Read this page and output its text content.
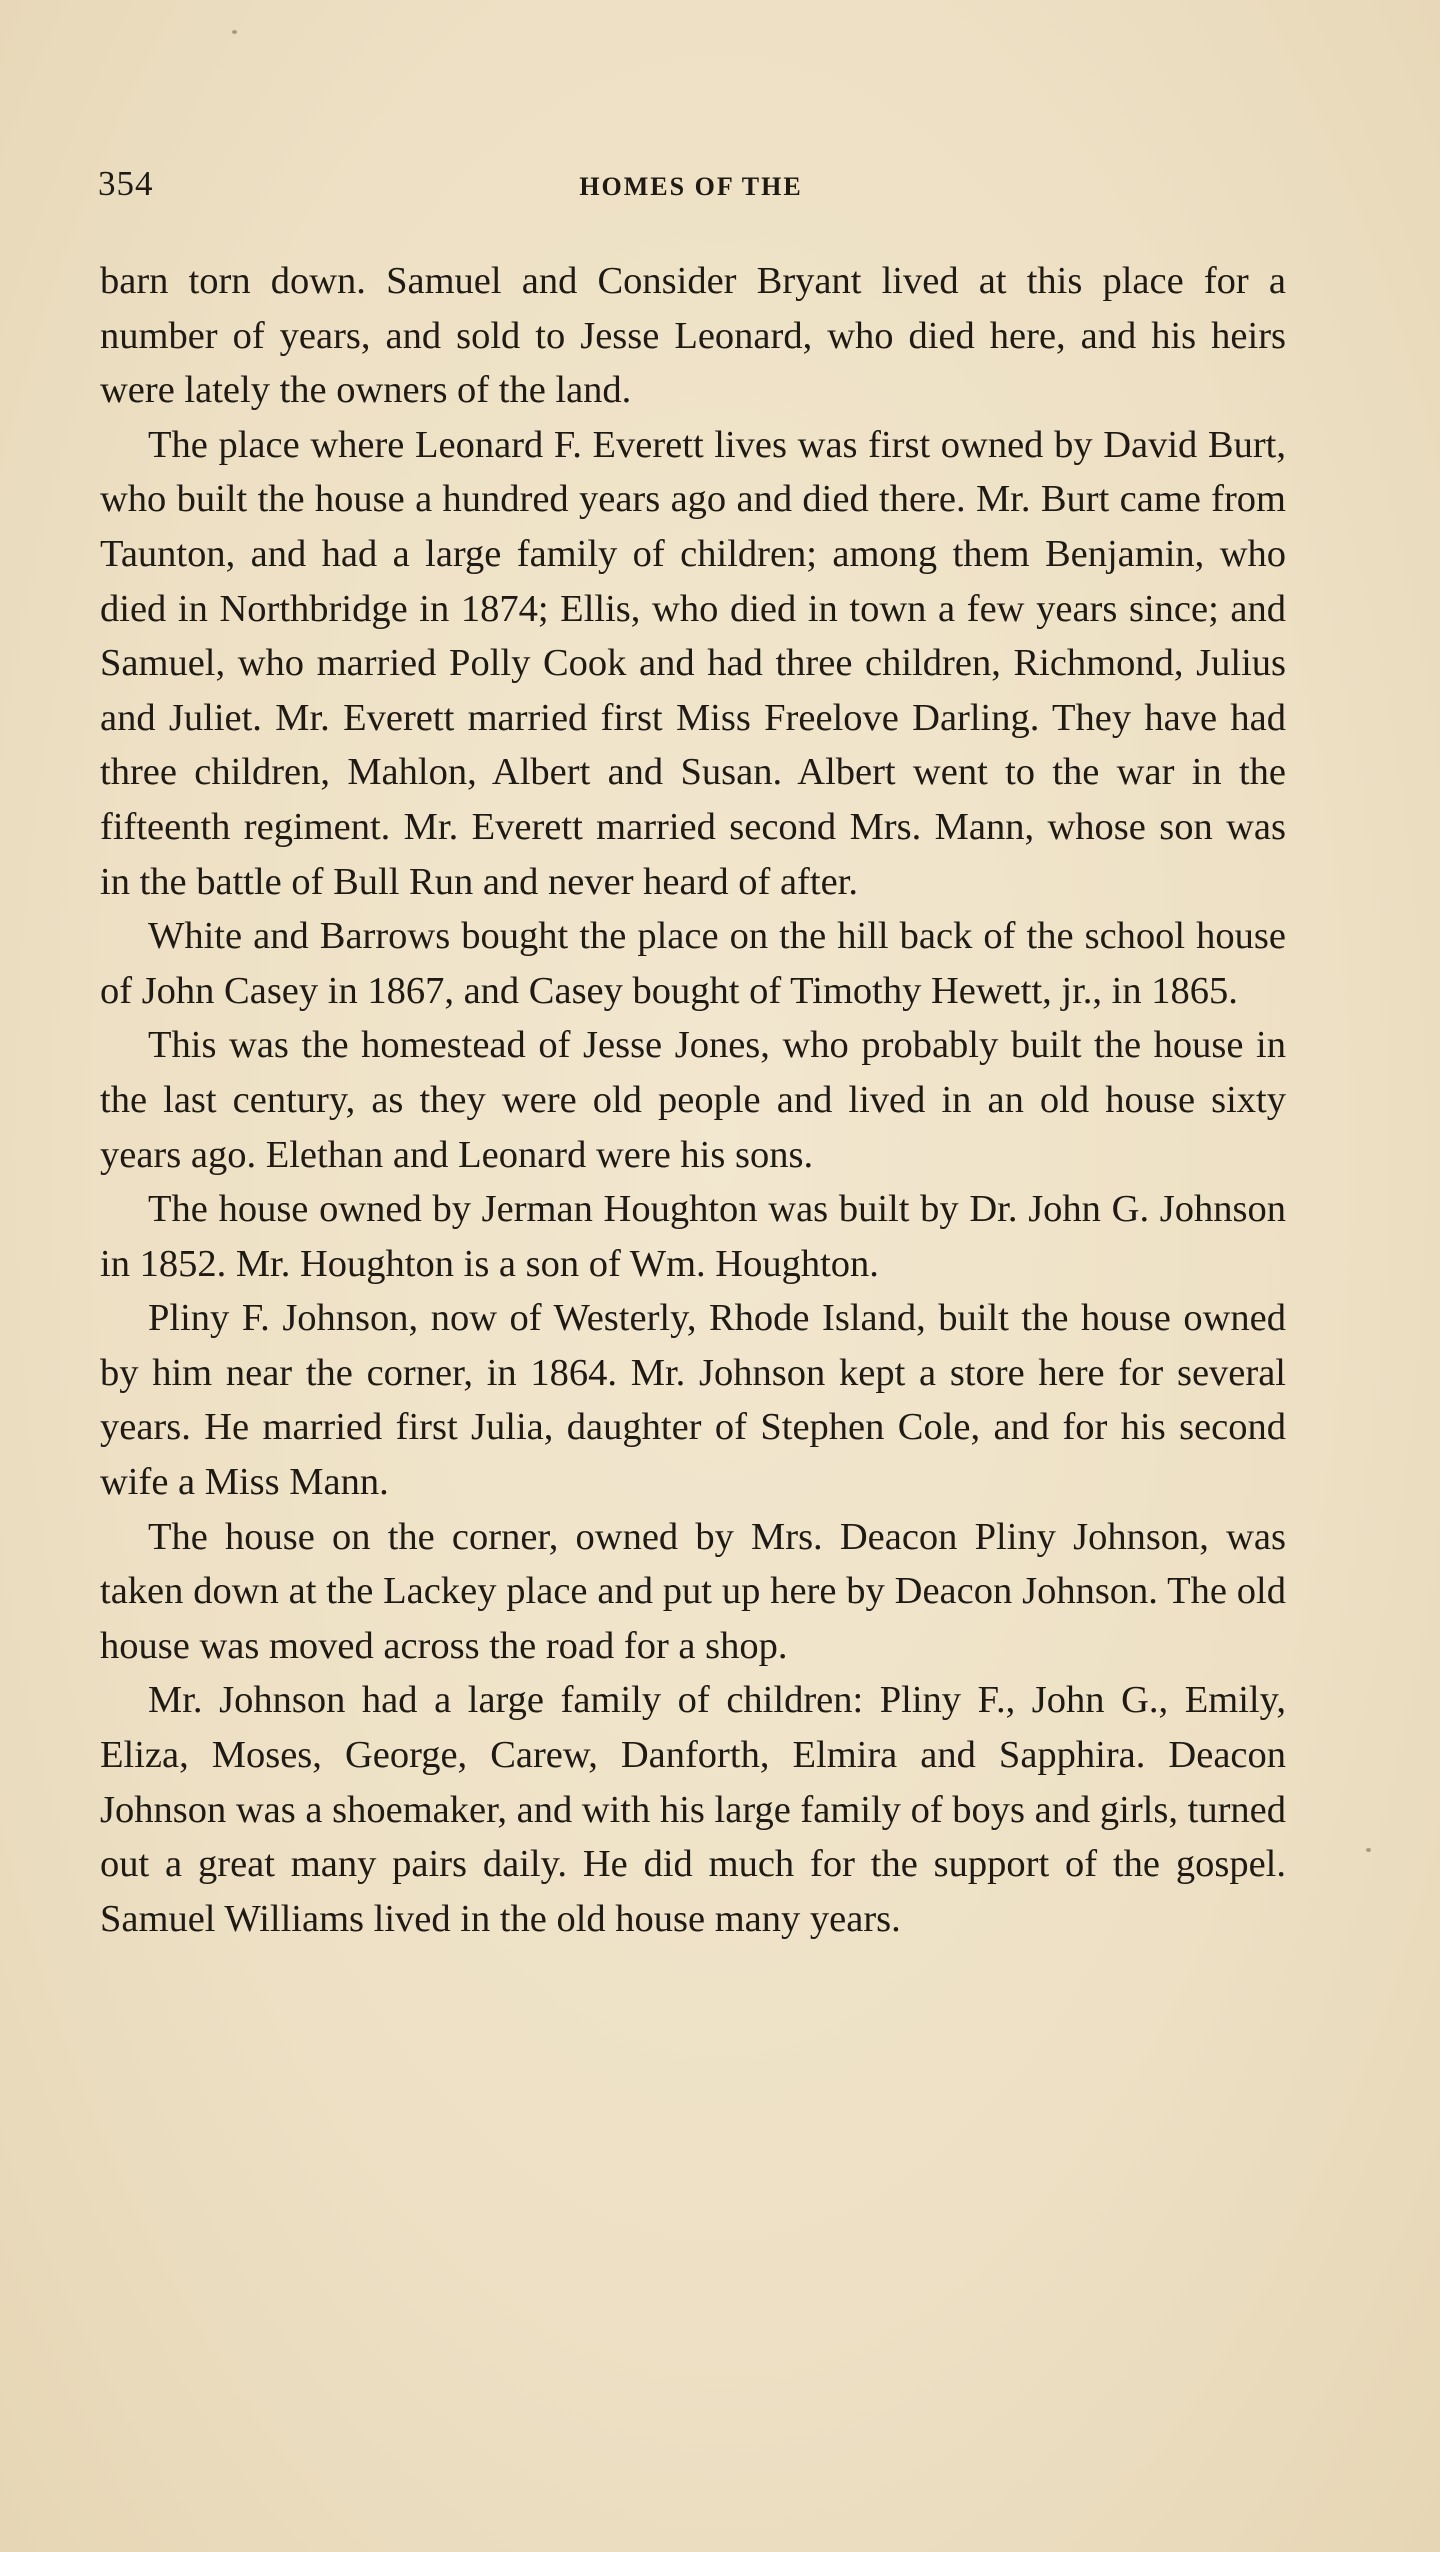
354	HOMES OF THE

barn torn down. Samuel and Consider Bryant lived at this place for a number of years, and sold to Jesse Leonard, who died here, and his heirs were lately the owners of the land.

The place where Leonard F. Everett lives was first owned by David Burt, who built the house a hundred years ago and died there. Mr. Burt came from Taunton, and had a large family of children; among them Benjamin, who died in Northbridge in 1874; Ellis, who died in town a few years since; and Samuel, who married Polly Cook and had three children, Richmond, Julius and Juliet. Mr. Everett married first Miss Freelove Darling. They have had three children, Mahlon, Albert and Susan. Albert went to the war in the fifteenth regiment. Mr. Everett married second Mrs. Mann, whose son was in the battle of Bull Run and never heard of after.

White and Barrows bought the place on the hill back of the school house of John Casey in 1867, and Casey bought of Timothy Hewett, jr., in 1865.

This was the homestead of Jesse Jones, who probably built the house in the last century, as they were old people and lived in an old house sixty years ago. Elethan and Leonard were his sons.

The house owned by Jerman Houghton was built by Dr. John G. Johnson in 1852. Mr. Houghton is a son of Wm. Houghton.

Pliny F. Johnson, now of Westerly, Rhode Island, built the house owned by him near the corner, in 1864. Mr. Johnson kept a store here for several years. He married first Julia, daughter of Stephen Cole, and for his second wife a Miss Mann.

The house on the corner, owned by Mrs. Deacon Pliny Johnson, was taken down at the Lackey place and put up here by Deacon Johnson. The old house was moved across the road for a shop.

Mr. Johnson had a large family of children: Pliny F., John G., Emily, Eliza, Moses, George, Carew, Danforth, Elmira and Sapphira. Deacon Johnson was a shoemaker, and with his large family of boys and girls, turned out a great many pairs daily. He did much for the support of the gospel. Samuel Williams lived in the old house many years.
